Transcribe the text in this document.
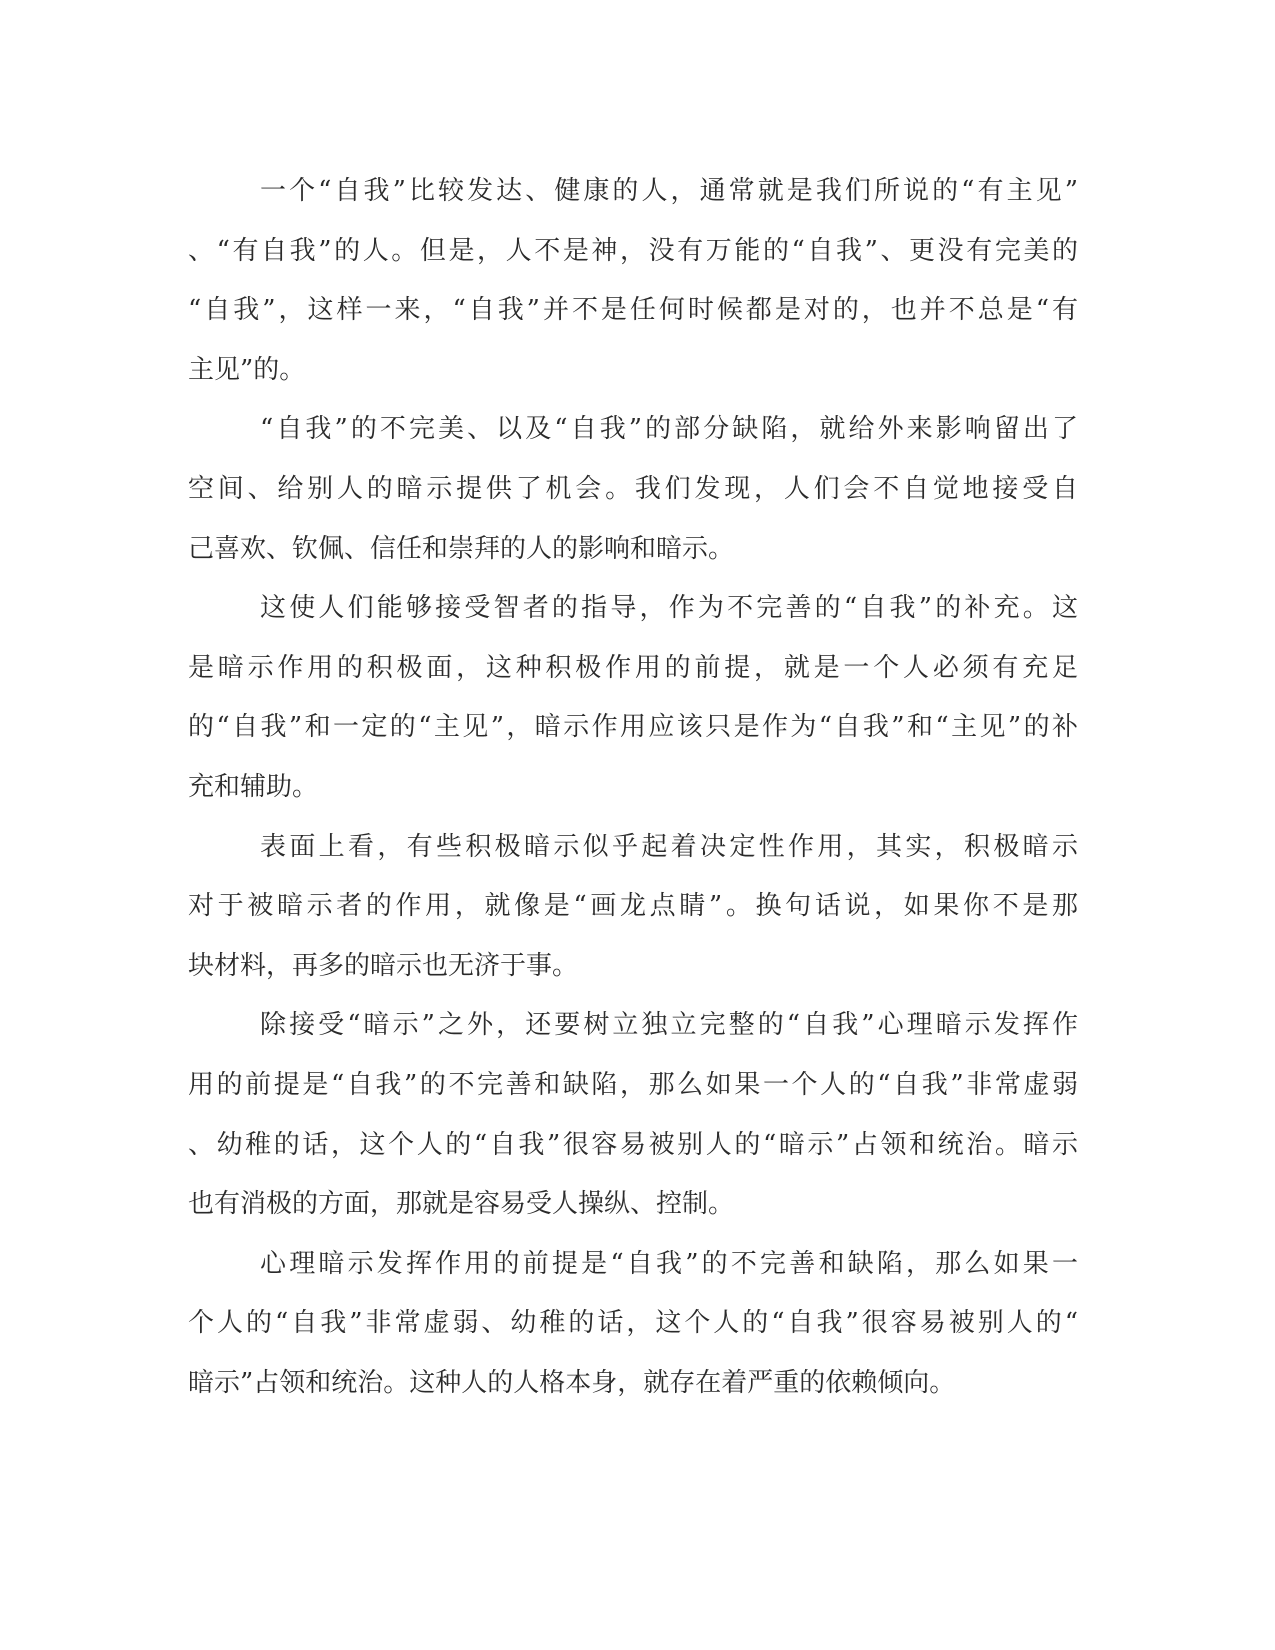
一个“自我”比较发达、健康的人，通常就是我们所说的“有主见”
、“有自我”的人。但是，人不是神，没有万能的“自我”、更没有完美的
“自我”，这样一来，“自我”并不是任何时候都是对的，也并不总是“有
主见”的。
“自我”的不完美、以及“自我”的部分缺陷，就给外来影响留出了
空间、给别人的暗示提供了机会。我们发现，人们会不自觉地接受自
己喜欢、钦佩、信任和崇拜的人的影响和暗示。
这使人们能够接受智者的指导，作为不完善的“自我”的补充。这
是暗示作用的积极面，这种积极作用的前提，就是一个人必须有充足
的“自我”和一定的“主见”，暗示作用应该只是作为“自我”和“主见”的补
充和辅助。
表面上看，有些积极暗示似乎起着决定性作用，其实，积极暗示
对于被暗示者的作用，就像是“画龙点睛”。换句话说，如果你不是那
块材料，再多的暗示也无济于事。
除接受“暗示”之外，还要树立独立完整的“自我”心理暗示发挥作
用的前提是“自我”的不完善和缺陷，那么如果一个人的“自我”非常虚弱
、幼稚的话，这个人的“自我”很容易被别人的“暗示”占领和统治。暗示
也有消极的方面，那就是容易受人操纵、控制。
心理暗示发挥作用的前提是“自我”的不完善和缺陷，那么如果一
个人的“自我”非常虚弱、幼稚的话，这个人的“自我”很容易被别人的“
暗示”占领和统治。这种人的人格本身，就存在着严重的依赖倾向。
